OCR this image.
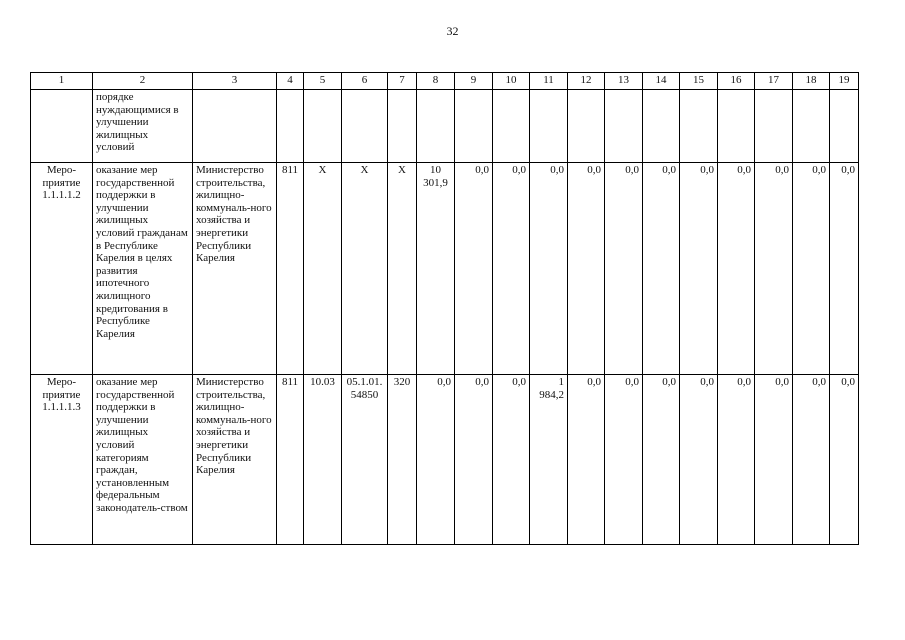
32
1	2	3	4	5	6	7	8	9	10	11	12	13	14	15	16	17	18	19
	порядке нуждающимися в улучшении жилищных условий																	
Меро-приятие 1.1.1.1.2	оказание мер государственной поддержки в улучшении жилищных условий гражданам в Республике Карелия в целях развития ипотечного жилищного кредитования в Республике Карелия	Министерство строительства, жилищно-коммуналь-ного хозяйства и энергетики Республики Карелия	811	Х	Х	Х	10 301,9	0,0	0,0	0,0	0,0	0,0	0,0	0,0	0,0	0,0	0,0	0,0
Меро-приятие 1.1.1.1.3	оказание мер государственной поддержки в улучшении жилищных условий категориям граждан, установленным федеральным законодатель-ством	Министерство строительства, жилищно-коммуналь-ного хозяйства и энергетики Республики Карелия	811	10.03	05.1.01. 54850	320	0,0	0,0	0,0	1 984,2	0,0	0,0	0,0	0,0	0,0	0,0	0,0	0,0
